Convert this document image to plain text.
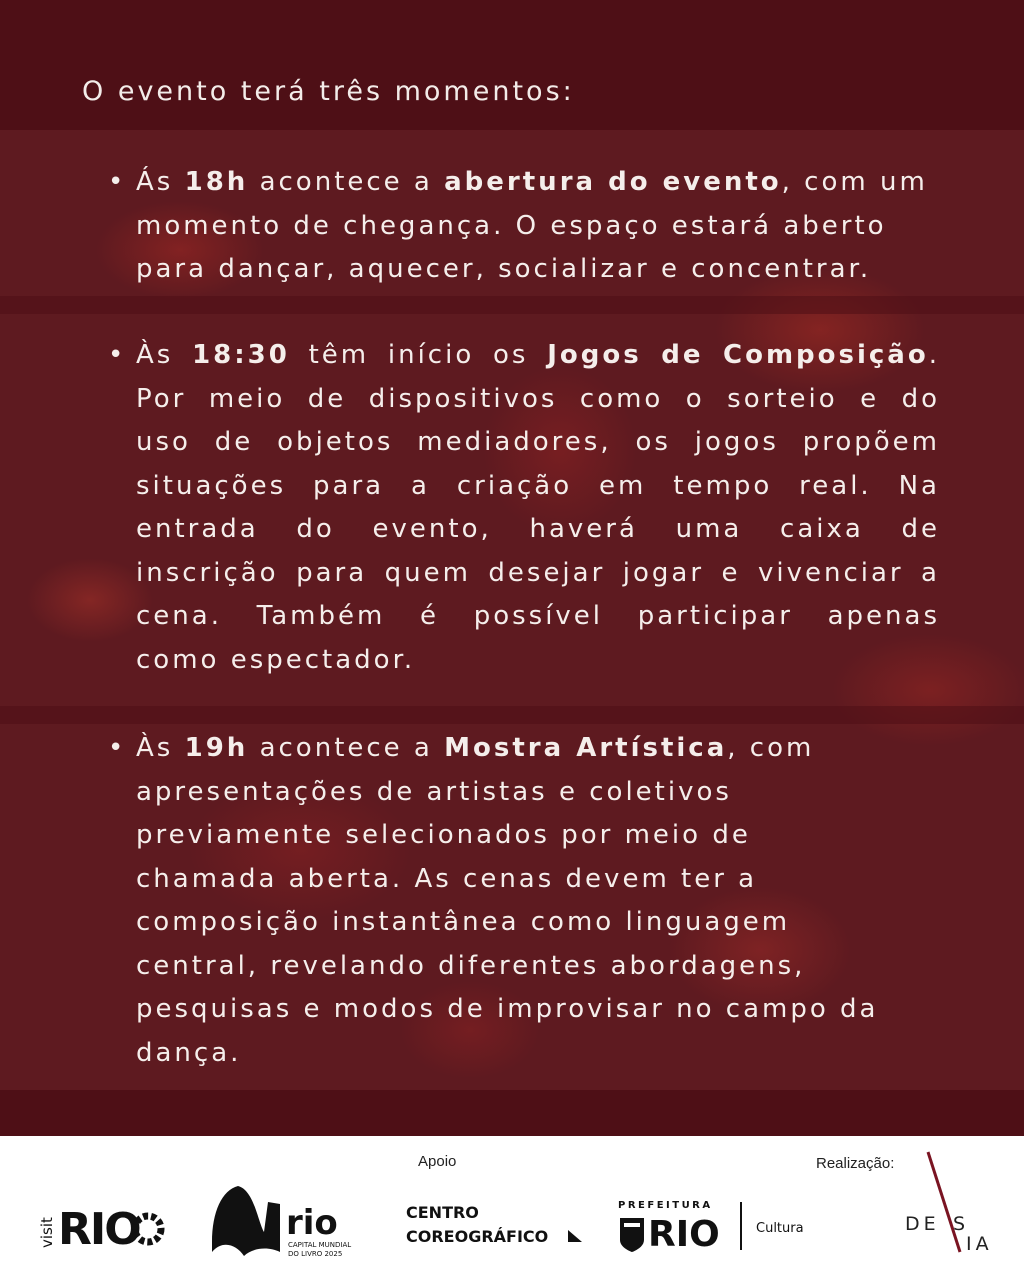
O evento terá três momentos:

• Ás 18h acontece a abertura do evento, com um
momento de chegança. O espaço estará aberto
para dançar, aquecer, socializar e concentrar.
• Às 18:30 têm início os Jogos de Composição.
Por meio de dispositivos como o sorteio e do
uso de objetos mediadores, os jogos propõem
situações para a criação em tempo real. Na
entrada do evento, haverá uma caixa de
inscrição para quem desejar jogar e vivenciar a
cena. Também é possível participar apenas
como espectador.
• Às 19h acontece a Mostra Artística, com
apresentações de artistas e coletivos
previamente selecionados por meio de
chamada aberta. As cenas devem ter a
composição instantânea como linguagem
central, revelando diferentes abordagens,
pesquisas e modos de improvisar no campo da
dança.
Apoio	Realização:
visit RIO	rio
CAPITAL MUNDIAL
DO LIVRO 2025
CENTRO
COREOGRÁFICO
PREFEITURA
RIO	Cultura	DE S
IA
